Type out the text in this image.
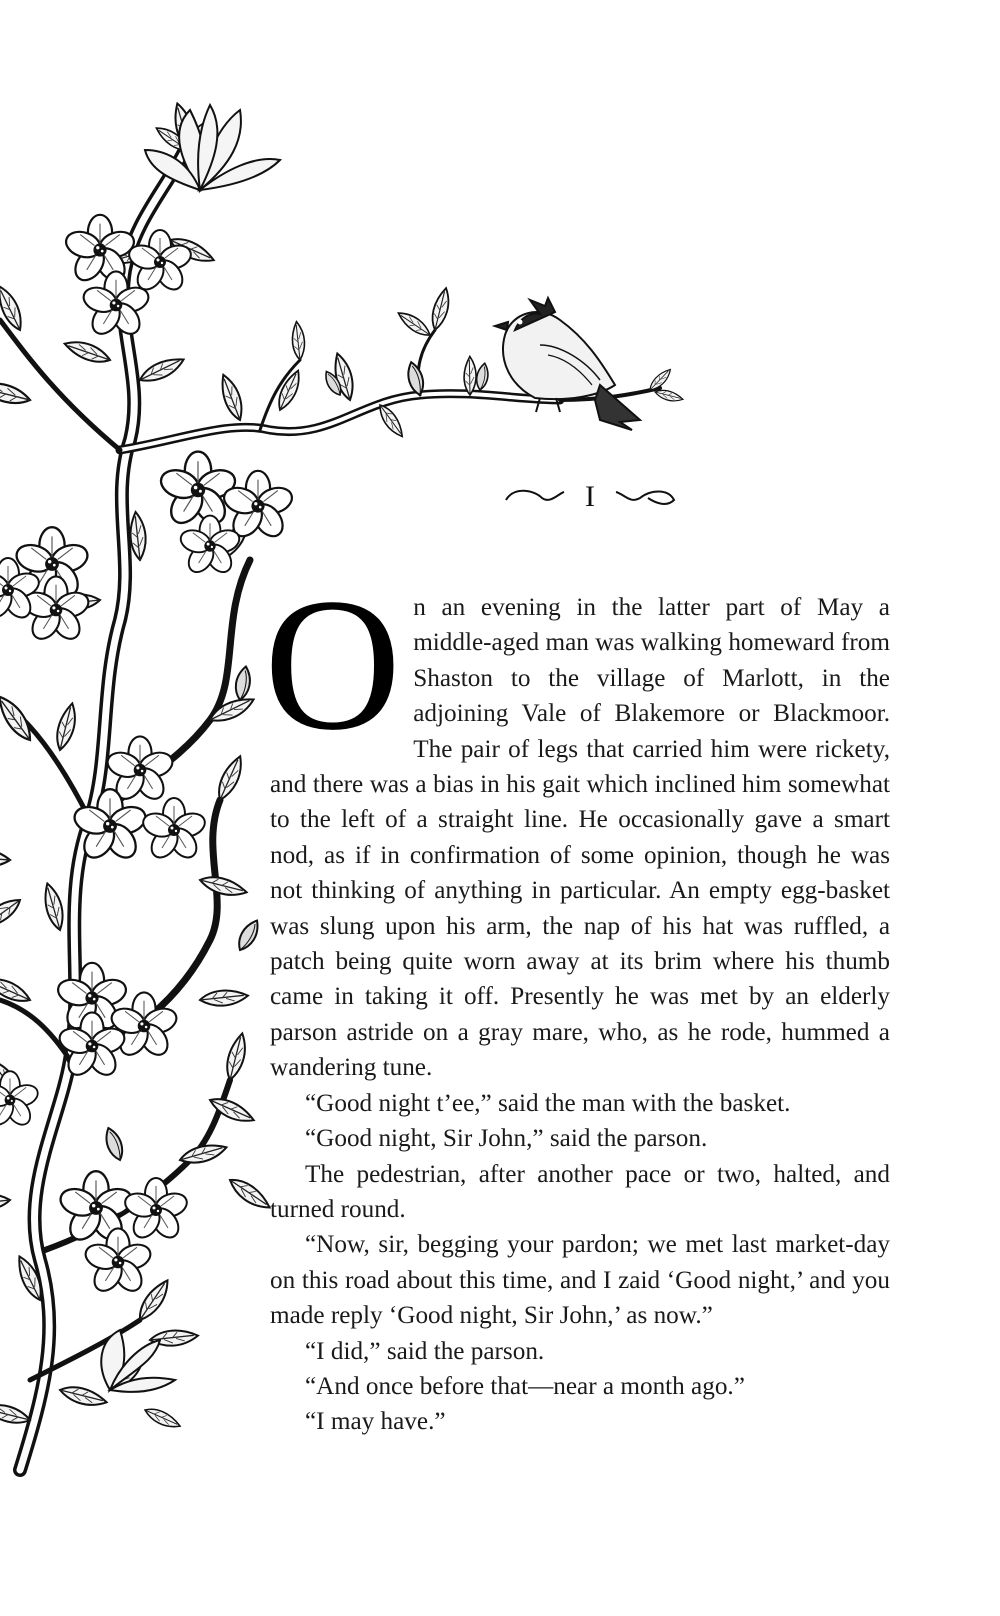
I

On an evening in the latter part of May a middle-aged man was walking homeward from Shaston to the village of Marlott, in the adjoining Vale of Blakemore or Blackmoor. The pair of legs that carried him were rickety, and there was a bias in his gait which inclined him somewhat to the left of a straight line. He occasionally gave a smart nod, as if in confirmation of some opinion, though he was not thinking of anything in particular. An empty egg-basket was slung upon his arm, the nap of his hat was ruffled, a patch being quite worn away at its brim where his thumb came in taking it off. Presently he was met by an elderly parson astride on a gray mare, who, as he rode, hummed a wandering tune.

“Good night t’ee,” said the man with the basket.

“Good night, Sir John,” said the parson.

The pedestrian, after another pace or two, halted, and turned round.

“Now, sir, begging your pardon; we met last market-day on this road about this time, and I zaid ‘Good night,’ and you made reply ‘Good night, Sir John,’ as now.”

“I did,” said the parson.

“And once before that—near a month ago.”

“I may have.”
